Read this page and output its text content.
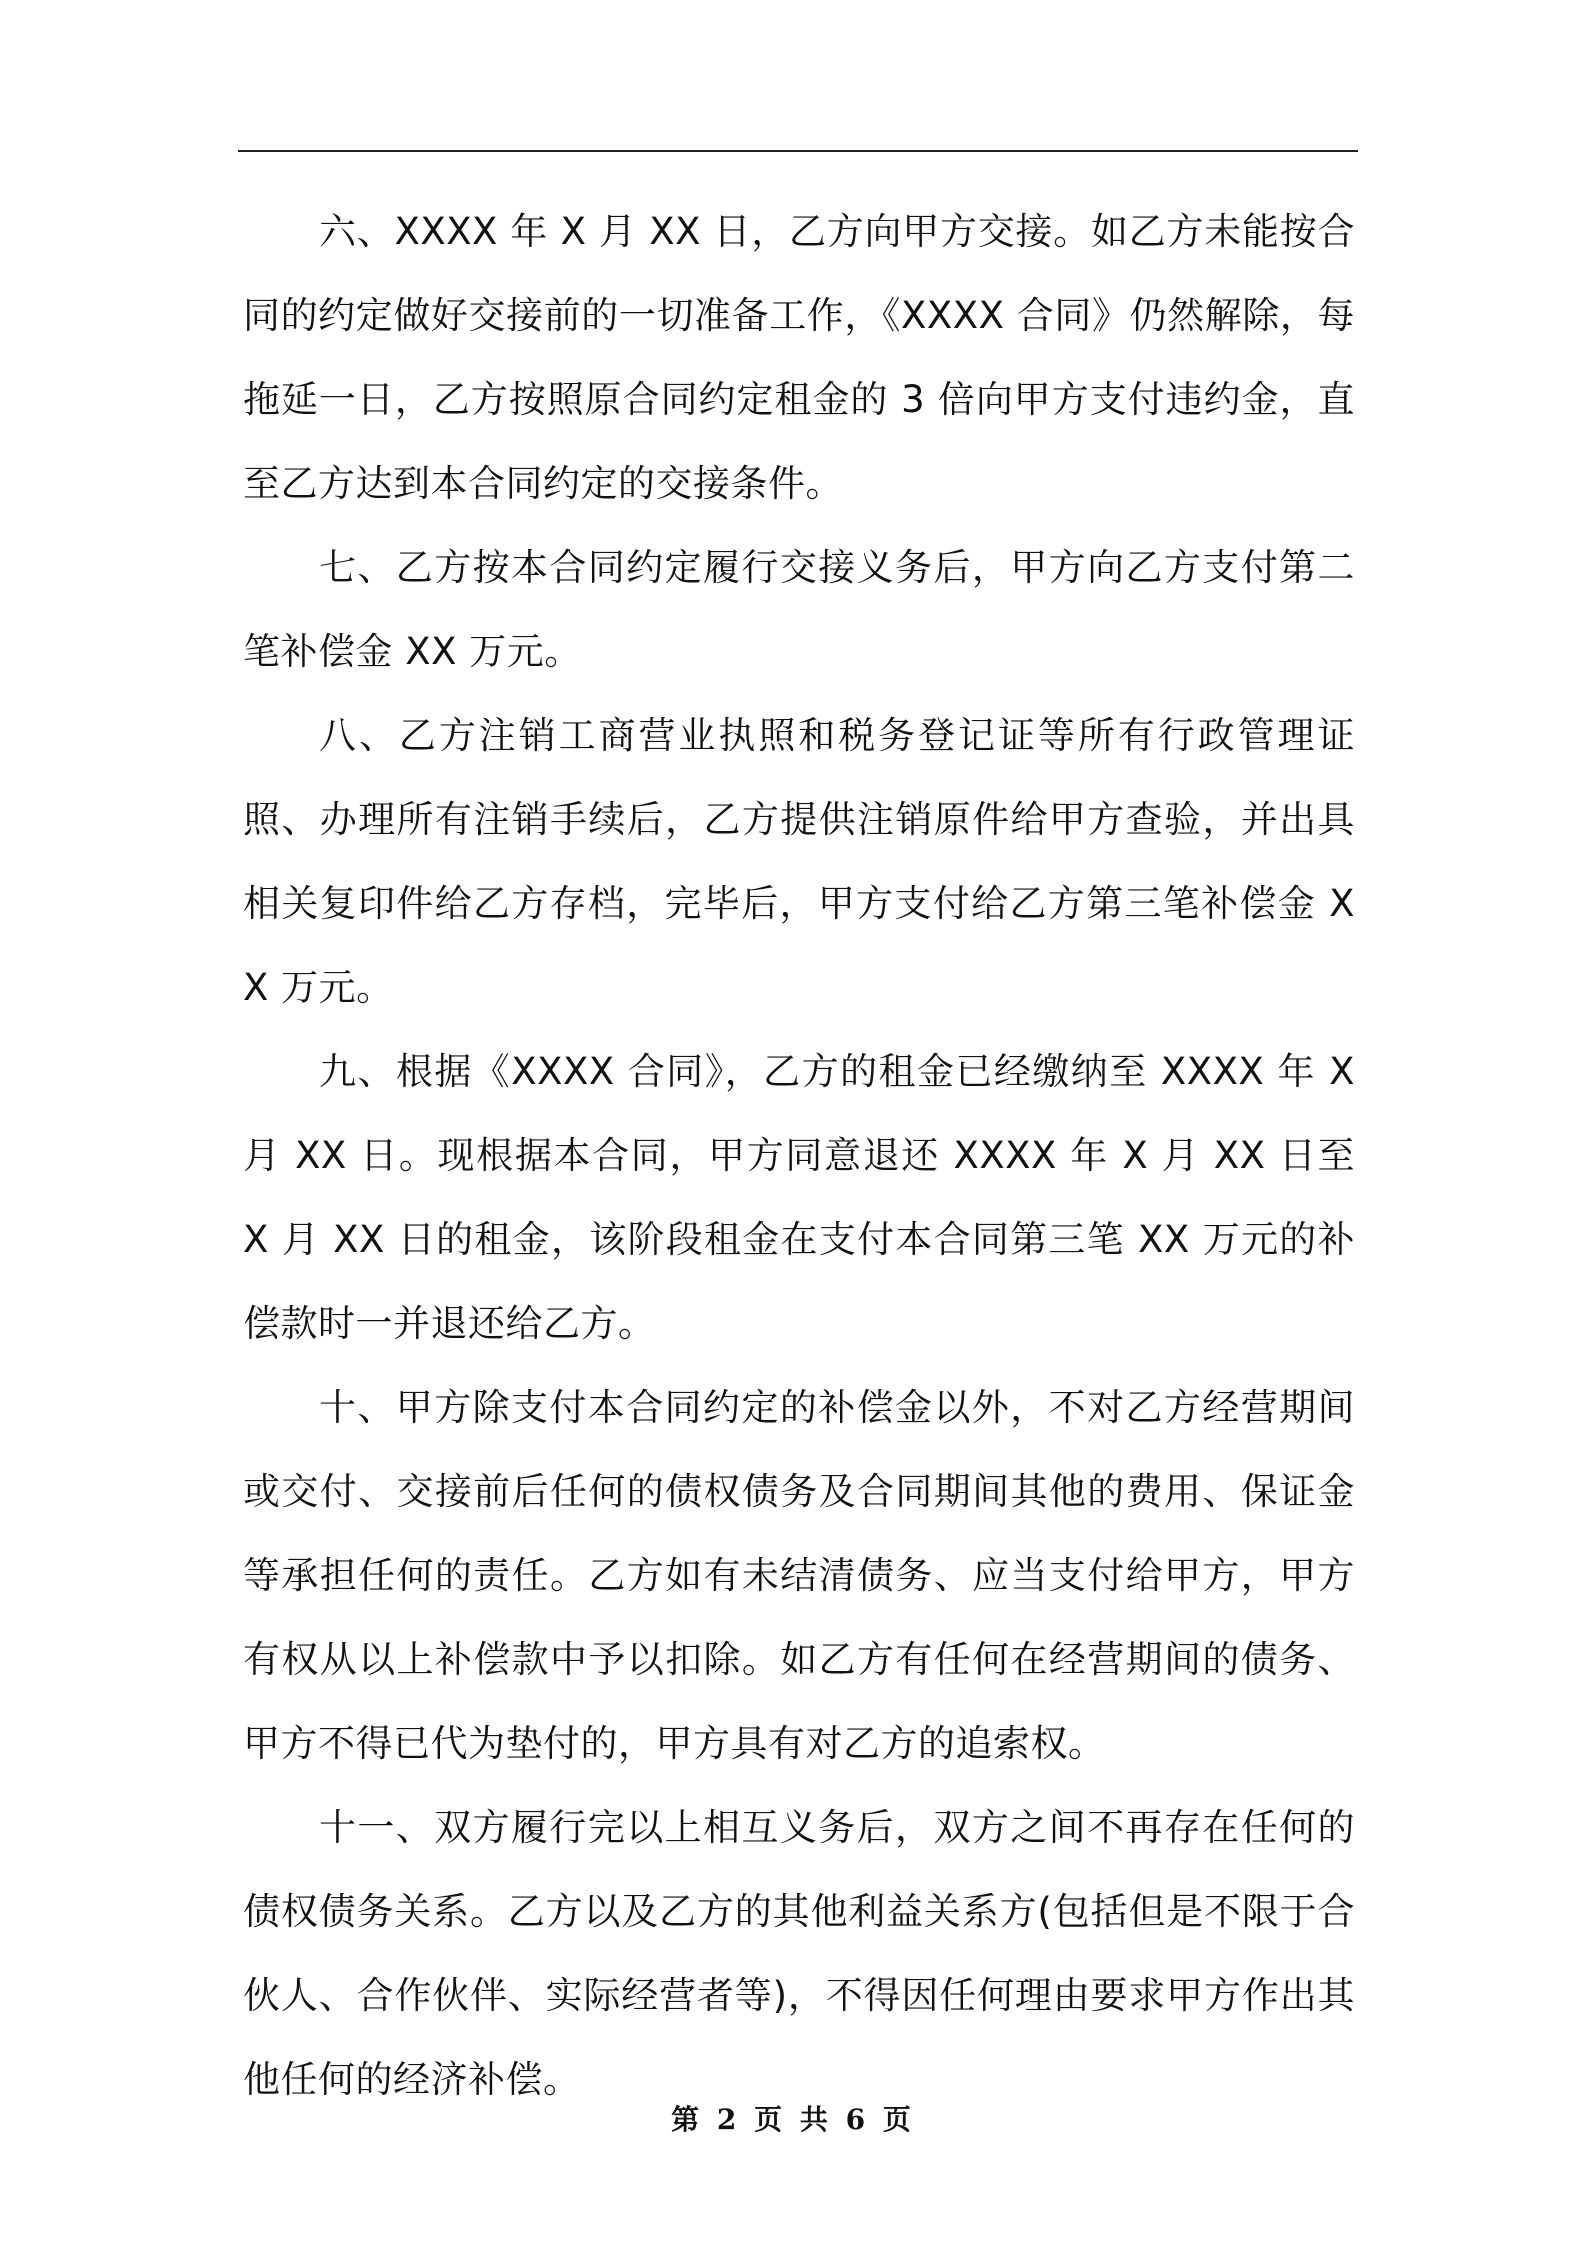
六、XXXX 年 X 月 XX 日，乙方向甲方交接。如乙方未能按合同的约定做好交接前的一切准备工作，《XXXX 合同》仍然解除，每拖延一日，乙方按照原合同约定租金的 3 倍向甲方支付违约金，直至乙方达到本合同约定的交接条件。

七、乙方按本合同约定履行交接义务后，甲方向乙方支付第二笔补偿金 XX 万元。

八、乙方注销工商营业执照和税务登记证等所有行政管理证照、办理所有注销手续后，乙方提供注销原件给甲方查验，并出具相关复印件给乙方存档，完毕后，甲方支付给乙方第三笔补偿金 XX 万元。

九、根据《XXXX 合同》，乙方的租金已经缴纳至 XXXX 年 X 月 XX 日。现根据本合同，甲方同意退还 XXXX 年 X 月 XX 日至 X 月 XX 日的租金，该阶段租金在支付本合同第三笔 XX 万元的补偿款时一并退还给乙方。

十、甲方除支付本合同约定的补偿金以外，不对乙方经营期间或交付、交接前后任何的债权债务及合同期间其他的费用、保证金等承担任何的责任。乙方如有未结清债务、应当支付给甲方，甲方有权从以上补偿款中予以扣除。如乙方有任何在经营期间的债务、甲方不得已代为垫付的，甲方具有对乙方的追索权。

十一、双方履行完以上相互义务后，双方之间不再存在任何的债权债务关系。乙方以及乙方的其他利益关系方(包括但是不限于合伙人、合作伙伴、实际经营者等)，不得因任何理由要求甲方作出其他任何的经济补偿。

第 2 页 共 6 页
